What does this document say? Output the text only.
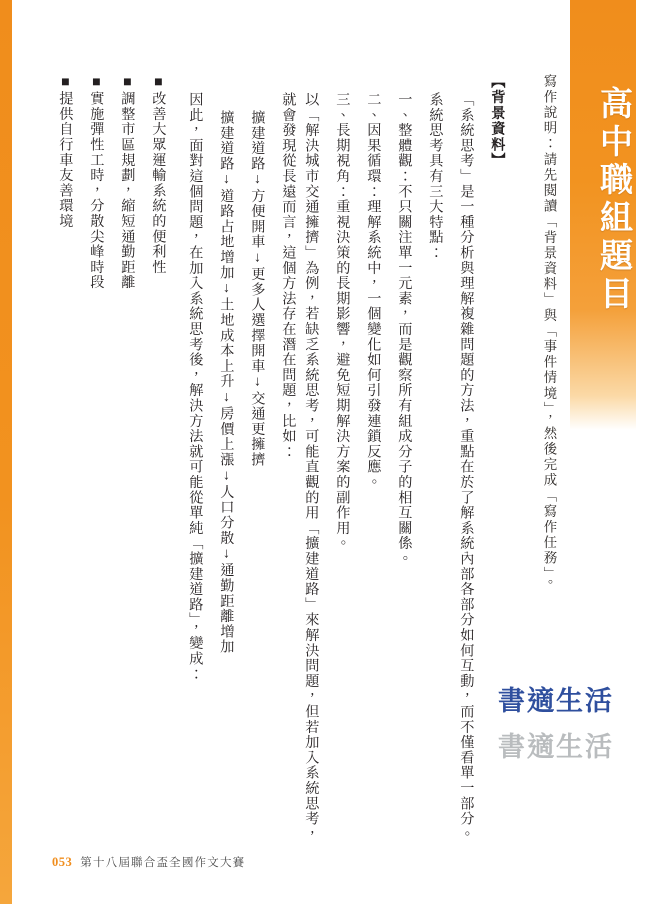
高中職組題目
寫作說明：請先閱讀「背景資料」與「事件情境」，然後完成「寫作任務」。
【背景資料】
「系統思考」是一種分析與理解複雜問題的方法，重點在於了解系統內部各部分如何互動，而不僅看單一部分。
系統思考具有三大特點：
一、整體觀：不只關注單一元素，而是觀察所有組成分子的相互關係。
二、因果循環：理解系統中，一個變化如何引發連鎖反應。
三、長期視角：重視決策的長期影響，避免短期解決方案的副作用。
以「解決城市交通擁擠」為例，若缺乏系統思考，可能直觀的用「擴建道路」來解決問題，但若加入系統思考，就會發現從長遠而言，這個方法存在潛在問題，比如：
擴建道路↓方便開車↓更多人選擇開車↓交通更擁擠
擴建道路↓道路占地增加↓土地成本上升↓房價上漲↓人口分散↓通勤距離增加
因此，面對這個問題，在加入系統思考後，解決方法就可能從單純「擴建道路」，變成：
■改善大眾運輸系統的便利性
■調整市區規劃，縮短通勤距離
■實施彈性工時，分散尖峰時段
■提供自行車友善環境
書適生活
書適生活
053 第十八屆聯合盃全國作文大賽
